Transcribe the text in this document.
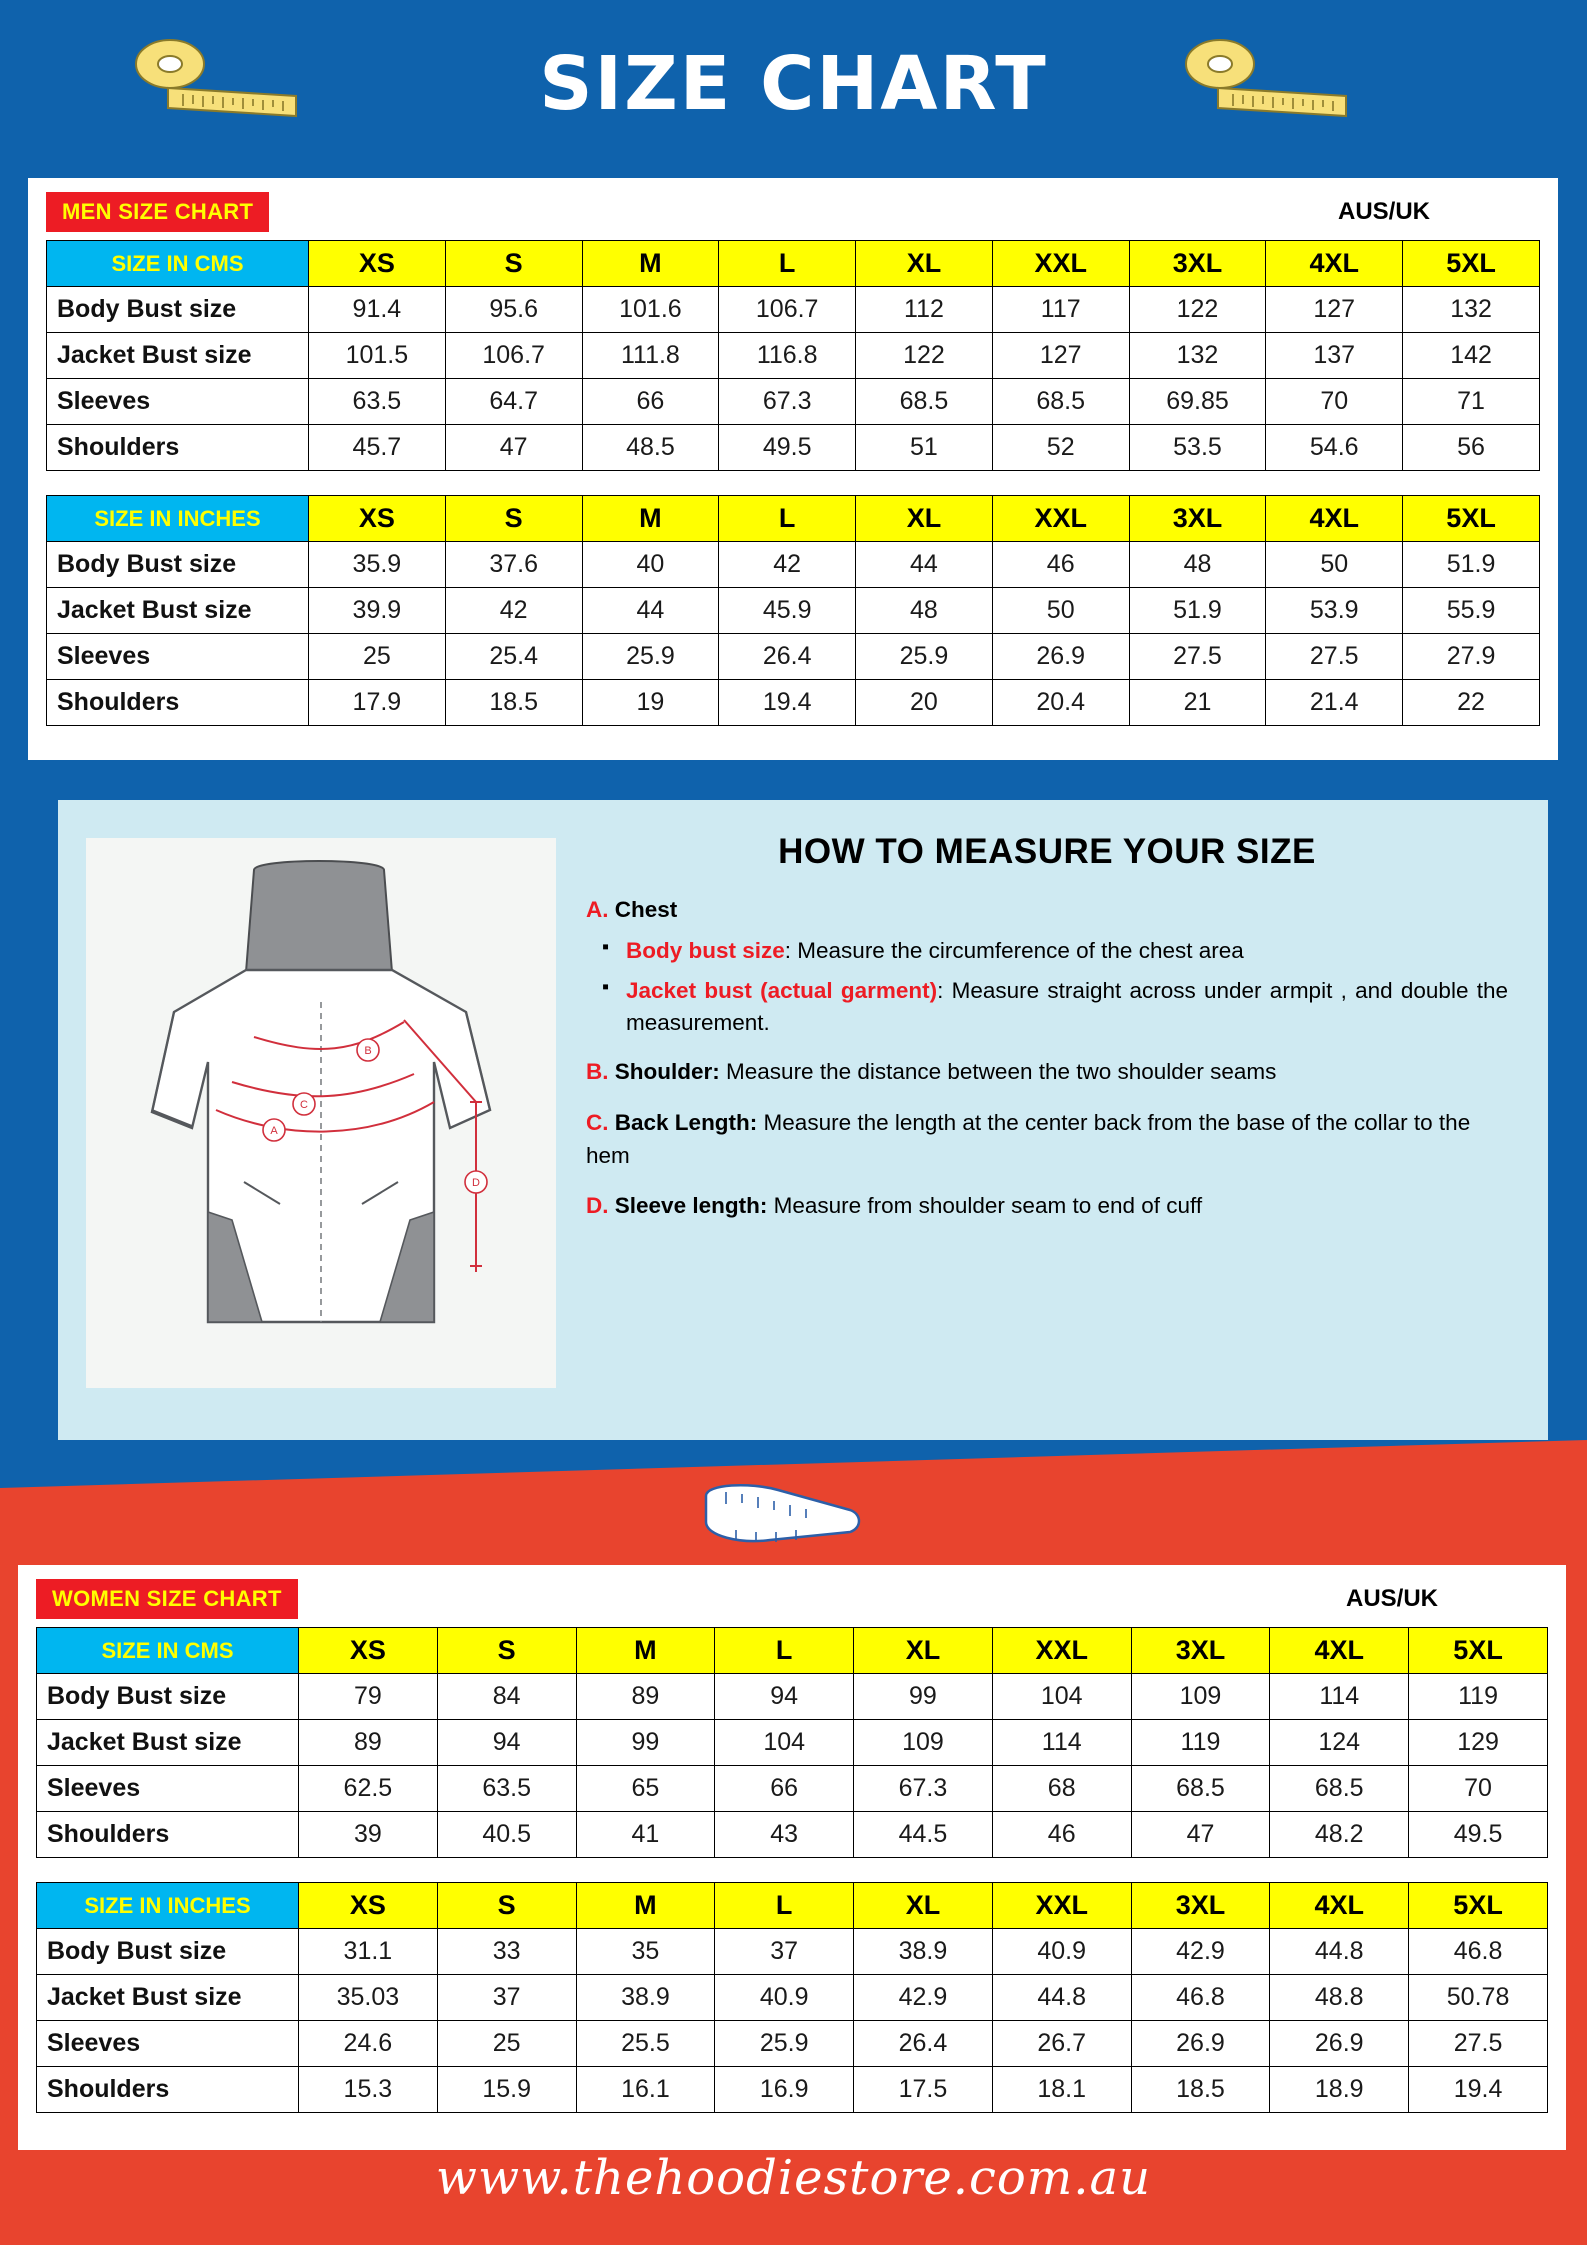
SIZE CHART
MEN SIZE CHART	AUS/UK
SIZE IN CMS	XS	S	M	L	XL	XXL	3XL	4XL	5XL
Body Bust size	91.4	95.6	101.6	106.7	112	117	122	127	132
Jacket Bust size	101.5	106.7	111.8	116.8	122	127	132	137	142
Sleeves	63.5	64.7	66	67.3	68.5	68.5	69.85	70	71
Shoulders	45.7	47	48.5	49.5	51	52	53.5	54.6	56

SIZE IN INCHES	XS	S	M	L	XL	XXL	3XL	4XL	5XL
Body Bust size	35.9	37.6	40	42	44	46	48	50	51.9
Jacket Bust size	39.9	42	44	45.9	48	50	51.9	53.9	55.9
Sleeves	25	25.4	25.9	26.4	25.9	26.9	27.5	27.5	27.9
Shoulders	17.9	18.5	19	19.4	20	20.4	21	21.4	22
B
C
A
D
HOW TO MEASURE YOUR SIZE
A. Chest
▪ Body bust size: Measure the circumference of the chest area
▪ Jacket bust (actual garment): Measure straight across under armpit , and double the measurement.
B. Shoulder: Measure the distance between the two shoulder seams
C. Back Length: Measure the length at the center back from the base of the collar to the hem
D. Sleeve length: Measure from shoulder seam to end of cuff
WOMEN SIZE CHART	AUS/UK
SIZE IN CMS	XS	S	M	L	XL	XXL	3XL	4XL	5XL
Body Bust size	79	84	89	94	99	104	109	114	119
Jacket Bust size	89	94	99	104	109	114	119	124	129
Sleeves	62.5	63.5	65	66	67.3	68	68.5	68.5	70
Shoulders	39	40.5	41	43	44.5	46	47	48.2	49.5

SIZE IN INCHES	XS	S	M	L	XL	XXL	3XL	4XL	5XL
Body Bust size	31.1	33	35	37	38.9	40.9	42.9	44.8	46.8
Jacket Bust size	35.03	37	38.9	40.9	42.9	44.8	46.8	48.8	50.78
Sleeves	24.6	25	25.5	25.9	26.4	26.7	26.9	26.9	27.5
Shoulders	15.3	15.9	16.1	16.9	17.5	18.1	18.5	18.9	19.4
www.thehoodiestore.com.au
